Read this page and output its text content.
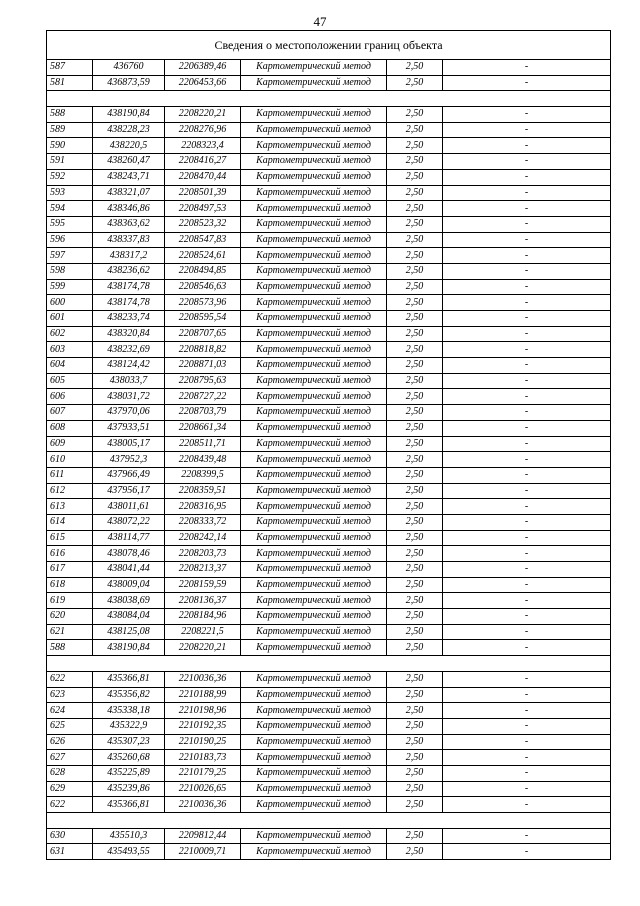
47
Сведения о местоположении границ объекта					
587	436760	2206389,46	Картометрический метод	2,50	-
581	436873,59	2206453,66	Картометрический метод	2,50	-

588	438190,84	2208220,21	Картометрический метод	2,50	-
589	438228,23	2208276,96	Картометрический метод	2,50	-
590	438220,5	2208323,4	Картометрический метод	2,50	-
591	438260,47	2208416,27	Картометрический метод	2,50	-
592	438243,71	2208470,44	Картометрический метод	2,50	-
593	438321,07	2208501,39	Картометрический метод	2,50	-
594	438346,86	2208497,53	Картометрический метод	2,50	-
595	438363,62	2208523,32	Картометрический метод	2,50	-
596	438337,83	2208547,83	Картометрический метод	2,50	-
597	438317,2	2208524,61	Картометрический метод	2,50	-
598	438236,62	2208494,85	Картометрический метод	2,50	-
599	438174,78	2208546,63	Картометрический метод	2,50	-
600	438174,78	2208573,96	Картометрический метод	2,50	-
601	438233,74	2208595,54	Картометрический метод	2,50	-
602	438320,84	2208707,65	Картометрический метод	2,50	-
603	438232,69	2208818,82	Картометрический метод	2,50	-
604	438124,42	2208871,03	Картометрический метод	2,50	-
605	438033,7	2208795,63	Картометрический метод	2,50	-
606	438031,72	2208727,22	Картометрический метод	2,50	-
607	437970,06	2208703,79	Картометрический метод	2,50	-
608	437933,51	2208661,34	Картометрический метод	2,50	-
609	438005,17	2208511,71	Картометрический метод	2,50	-
610	437952,3	2208439,48	Картометрический метод	2,50	-
611	437966,49	2208399,5	Картометрический метод	2,50	-
612	437956,17	2208359,51	Картометрический метод	2,50	-
613	438011,61	2208316,95	Картометрический метод	2,50	-
614	438072,22	2208333,72	Картометрический метод	2,50	-
615	438114,77	2208242,14	Картометрический метод	2,50	-
616	438078,46	2208203,73	Картометрический метод	2,50	-
617	438041,44	2208213,37	Картометрический метод	2,50	-
618	438009,04	2208159,59	Картометрический метод	2,50	-
619	438038,69	2208136,37	Картометрический метод	2,50	-
620	438084,04	2208184,96	Картометрический метод	2,50	-
621	438125,08	2208221,5	Картометрический метод	2,50	-
588	438190,84	2208220,21	Картометрический метод	2,50	-

622	435366,81	2210036,36	Картометрический метод	2,50	-
623	435356,82	2210188,99	Картометрический метод	2,50	-
624	435338,18	2210198,96	Картометрический метод	2,50	-
625	435322,9	2210192,35	Картометрический метод	2,50	-
626	435307,23	2210190,25	Картометрический метод	2,50	-
627	435260,68	2210183,73	Картометрический метод	2,50	-
628	435225,89	2210179,25	Картометрический метод	2,50	-
629	435239,86	2210026,65	Картометрический метод	2,50	-
622	435366,81	2210036,36	Картометрический метод	2,50	-

630	435510,3	2209812,44	Картометрический метод	2,50	-
631	435493,55	2210009,71	Картометрический метод	2,50	-
